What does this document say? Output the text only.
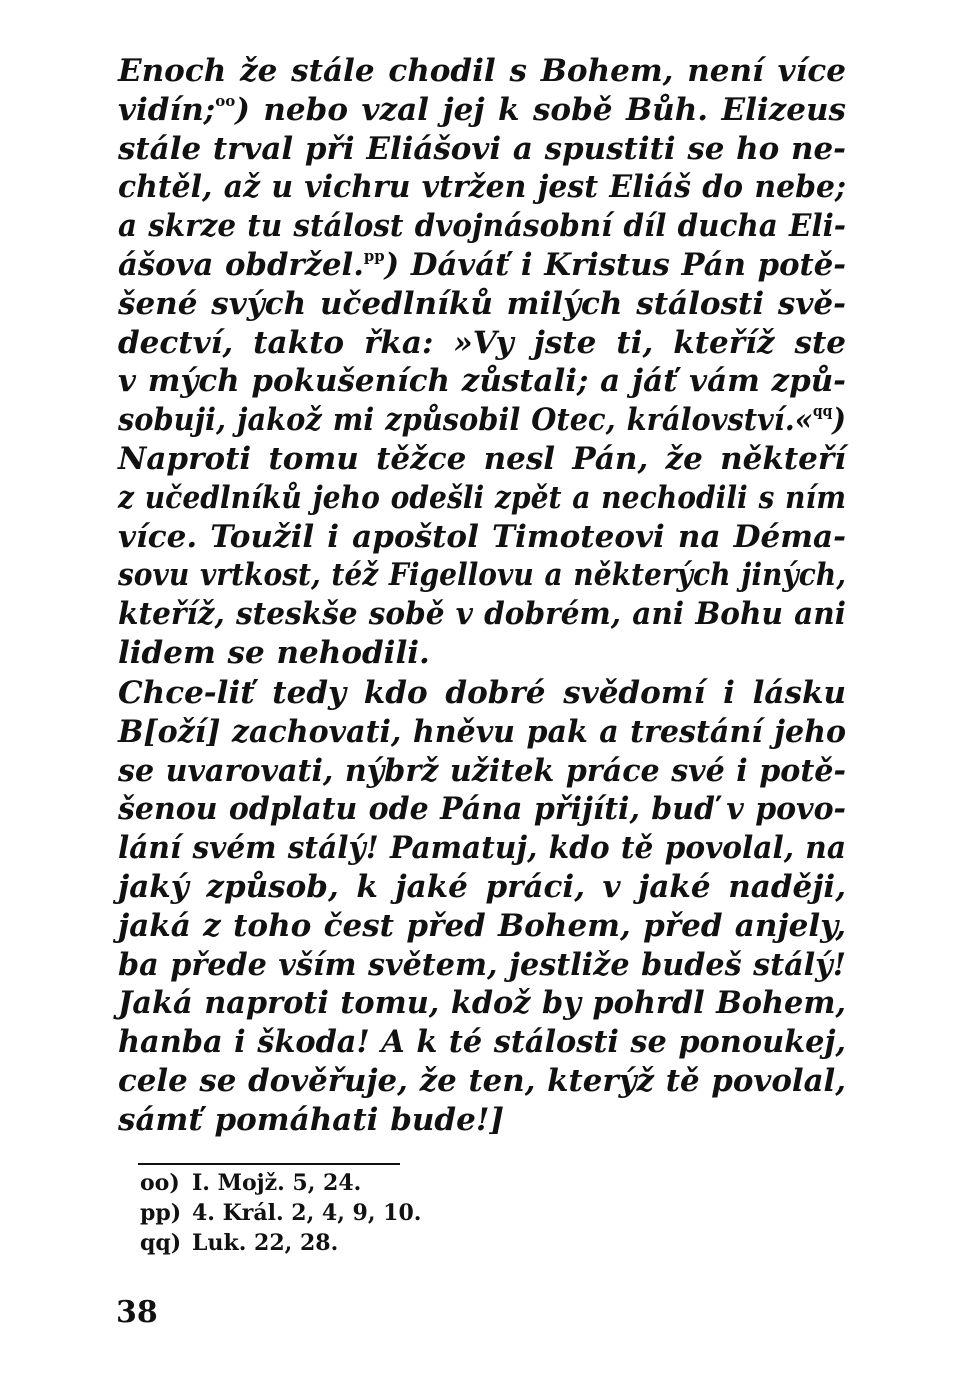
Enoch že stále chodil s Bohem, není více
vidín;$^{oo}$) nebo vzal jej k sobě Bůh. Elizeus
stále trval při Eliášovi a spustiti se ho ne-
chtěl, až u vichru vtržen jest Eliáš do nebe;
a skrze tu stálost dvojnásobní díl ducha Eli-
ášova obdržel.$^{pp}$) Dáváť i Kristus Pán potě-
šené svých učedlníků milých stálosti svě-
dectví, takto řka: »Vy jste ti, kteříž ste
v mých pokušeních zůstali; a jáť vám způ-
sobuji, jakož mi způsobil Otec, království.«$^{qq}$)
Naproti tomu těžce nesl Pán, že někteří
z učedlníků jeho odešli zpět a nechodili s ním
více. Toužil i apoštol Timoteovi na Déma-
sovu vrtkost, též Figellovu a některých jiných,
kteříž, steskše sobě v dobrém, ani Bohu ani
lidem se nehodili.
Chce-liť tedy kdo dobré svědomí i lásku
B[oží] zachovati, hněvu pak a trestání jeho
se uvarovati, nýbrž užitek práce své i potě-
šenou odplatu ode Pána přijíti, buď v povo-
lání svém stálý! Pamatuj, kdo tě povolal, na
jaký způsob, k jaké práci, v jaké naději,
jaká z toho čest před Bohem, před anjely,
ba přede vším světem, jestliže budeš stálý!
Jaká naproti tomu, kdož by pohrdl Bohem,
hanba i škoda! A k té stálosti se ponoukej,
cele se dověřuje, že ten, kterýž tě povolal,
sámť pomáhati bude!]
oo) I. Mojž. 5, 24.
pp) 4. Král. 2, 4, 9, 10.
qq) Luk. 22, 28.
38
